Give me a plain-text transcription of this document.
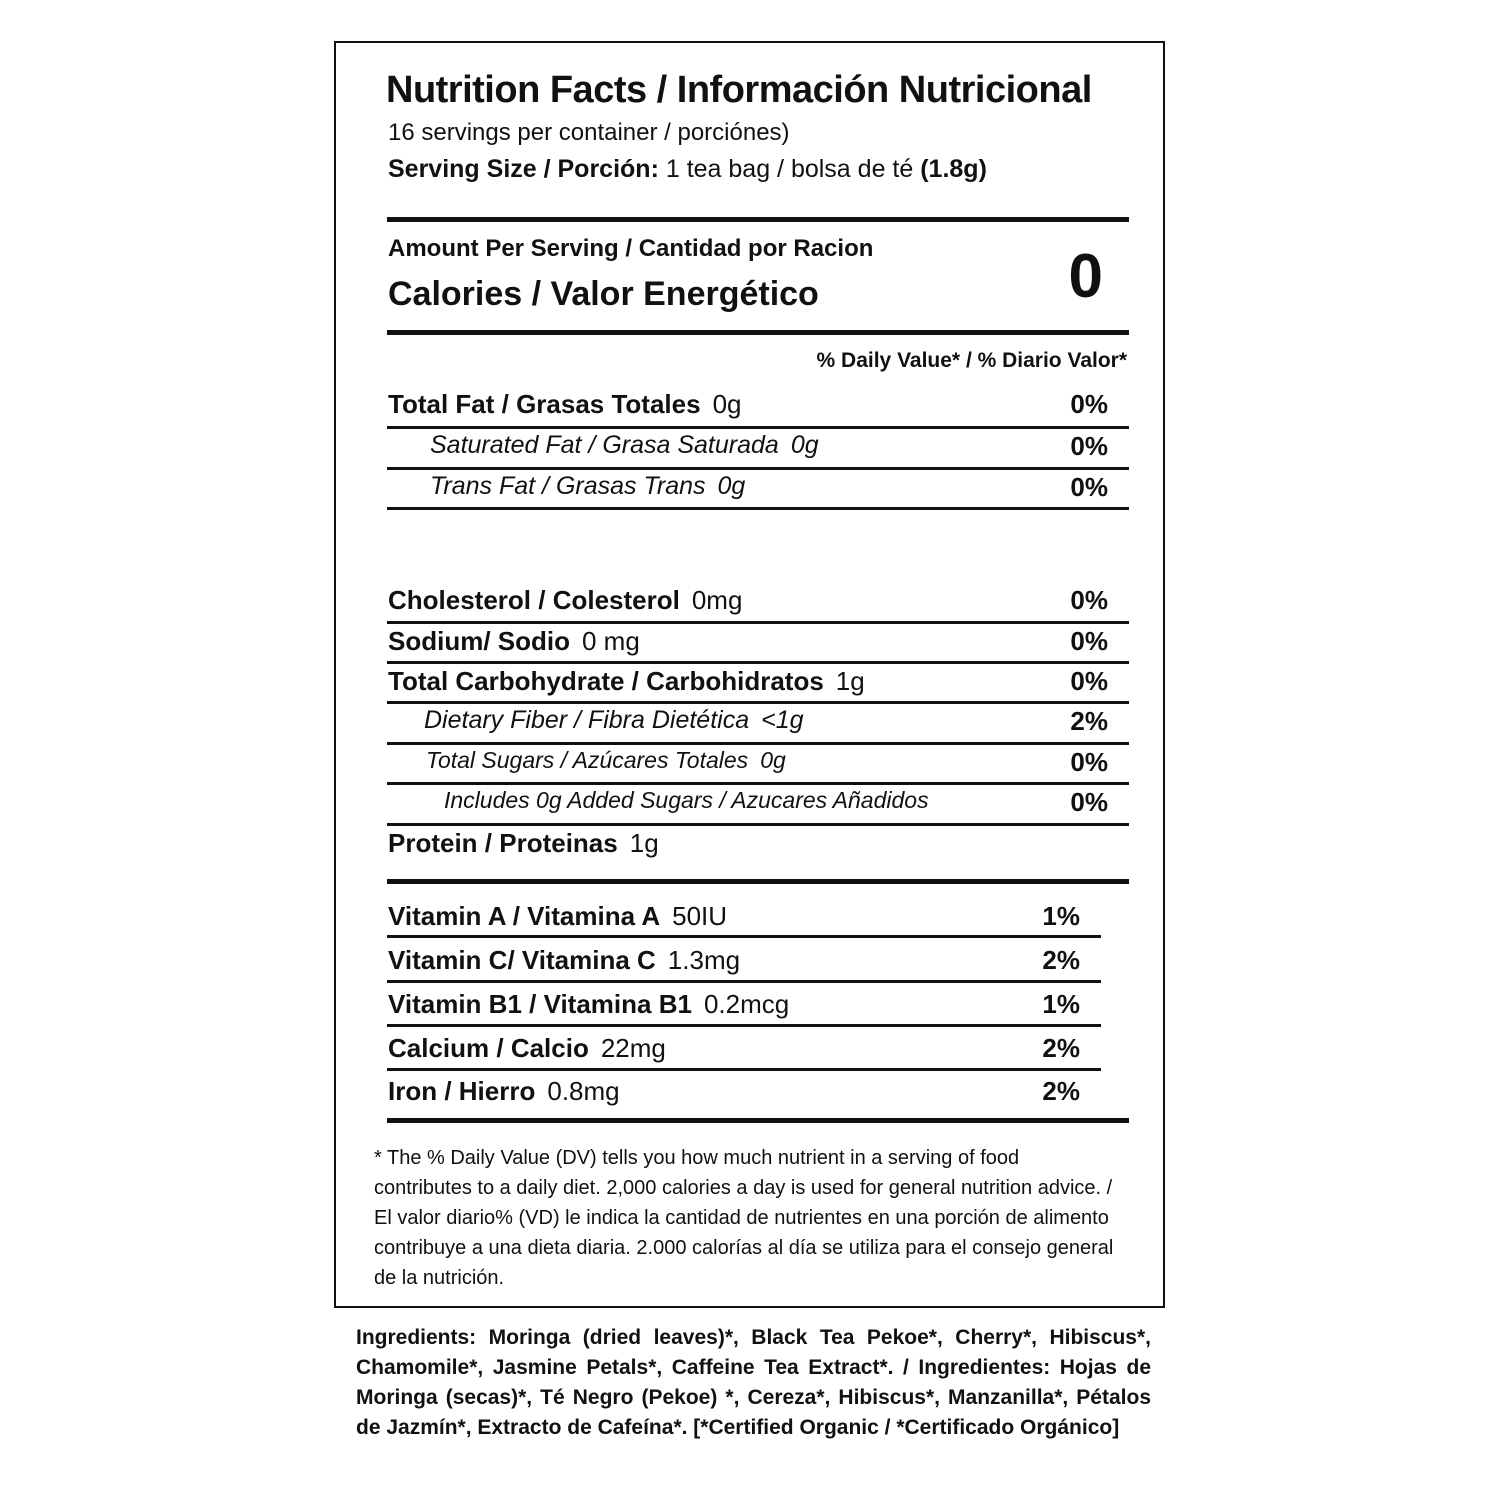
Nutrition Facts / Información Nutricional
16 servings per container / porciónes)
Serving Size / Porción: 1 tea bag / bolsa de té (1.8g)
Amount Per Serving / Cantidad por Racion
Calories / Valor Energético	0
% Daily Value* / % Diario Valor*
Total Fat / Grasas Totales 0g	0%
Saturated Fat / Grasa Saturada 0g	0%
Trans Fat / Grasas Trans 0g	0%
Cholesterol / Colesterol 0mg	0%
Sodium/ Sodio 0 mg	0%
Total Carbohydrate / Carbohidratos 1g	0%
Dietary Fiber / Fibra Dietética <1g	2%
Total Sugars / Azúcares Totales 0g	0%
Includes 0g Added Sugars / Azucares Añadidos	0%
Protein / Proteinas 1g
Vitamin A / Vitamina A 50IU	1%
Vitamin C/ Vitamina C 1.3mg	2%
Vitamin B1 / Vitamina B1 0.2mcg	1%
Calcium / Calcio 22mg	2%
Iron / Hierro 0.8mg	2%
* The % Daily Value (DV) tells you how much nutrient in a serving of food contributes to a daily diet. 2,000 calories a day is used for general nutrition advice. / El valor diario% (VD) le indica la cantidad de nutrientes en una porción de alimento contribuye a una dieta diaria. 2.000 calorías al día se utiliza para el consejo general de la nutrición.
Ingredients: Moringa (dried leaves)*, Black Tea Pekoe*, Cherry*, Hibiscus*, Chamomile*, Jasmine Petals*, Caffeine Tea Extract*. / Ingredientes: Hojas de Moringa (secas)*, Té Negro (Pekoe) *, Cereza*, Hibiscus*, Manzanilla*, Pétalos de Jazmín*, Extracto de Cafeína*. [*Certified Organic / *Certificado Orgánico]
